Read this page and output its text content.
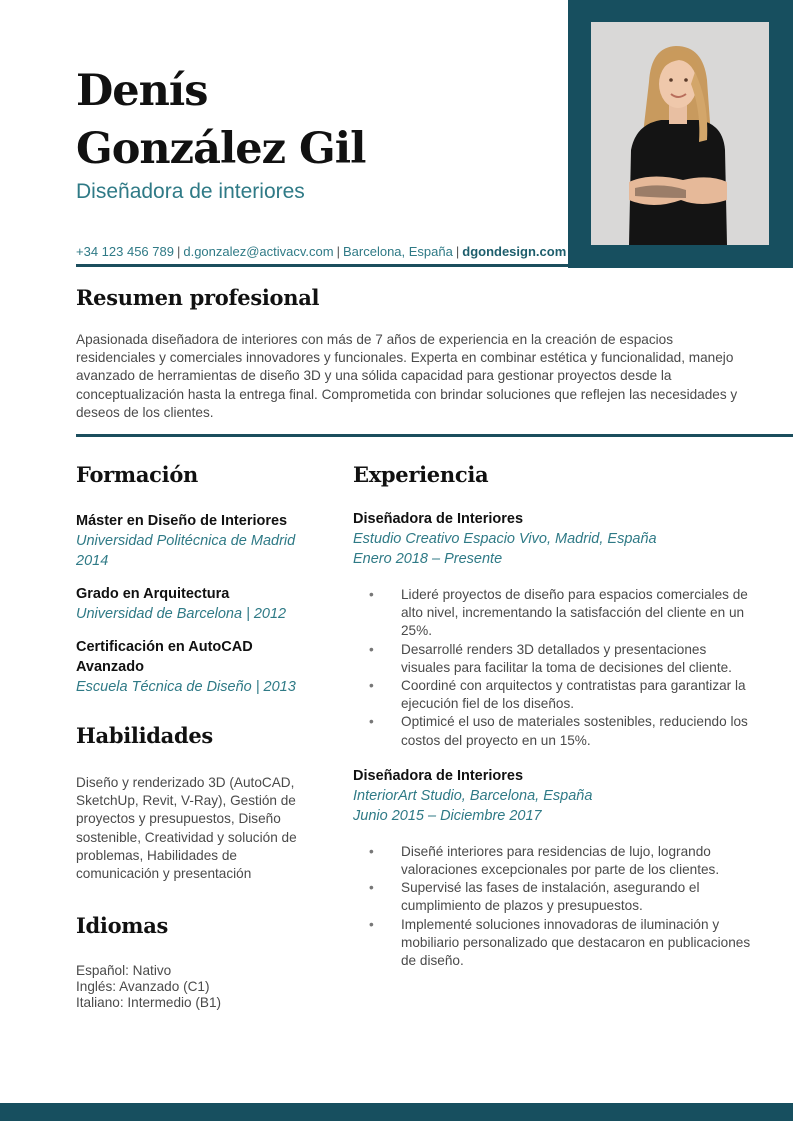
Denís
González Gil
Diseñadora de interiores
+34 123 456 789 | d.gonzalez@activacv.com | Barcelona, España | dgondesign.com
Resumen profesional
Apasionada diseñadora de interiores con más de 7 años de experiencia en la creación de espacios residenciales y comerciales innovadores y funcionales. Experta en combinar estética y funcionalidad, manejo avanzado de herramientas de diseño 3D y una sólida capacidad para gestionar proyectos desde la conceptualización hasta la entrega final. Comprometida con brindar soluciones que reflejen las necesidades y deseos de los clientes.
Formación
Máster en Diseño de Interiores
Universidad Politécnica de Madrid 2014
Grado en Arquitectura
Universidad de Barcelona | 2012
Certificación en AutoCAD Avanzado
Escuela Técnica de Diseño | 2013
Habilidades
Diseño y renderizado 3D (AutoCAD, SketchUp, Revit, V-Ray), Gestión de proyectos y presupuestos, Diseño sostenible, Creatividad y solución de problemas, Habilidades de comunicación y presentación
Idiomas
Español: Nativo
Inglés: Avanzado (C1)
Italiano: Intermedio (B1)
Experiencia
Diseñadora de Interiores
Estudio Creativo Espacio Vivo, Madrid, España
Enero 2018 – Presente
• Lideré proyectos de diseño para espacios comerciales de alto nivel, incrementando la satisfacción del cliente en un 25%.
• Desarrollé renders 3D detallados y presentaciones visuales para facilitar la toma de decisiones del cliente.
• Coordiné con arquitectos y contratistas para garantizar la ejecución fiel de los diseños.
• Optimicé el uso de materiales sostenibles, reduciendo los costos del proyecto en un 15%.
Diseñadora de Interiores
InteriorArt Studio, Barcelona, España
Junio 2015 – Diciembre 2017
• Diseñé interiores para residencias de lujo, logrando valoraciones excepcionales por parte de los clientes.
• Supervisé las fases de instalación, asegurando el cumplimiento de plazos y presupuestos.
• Implementé soluciones innovadoras de iluminación y mobiliario personalizado que destacaron en publicaciones de diseño.
